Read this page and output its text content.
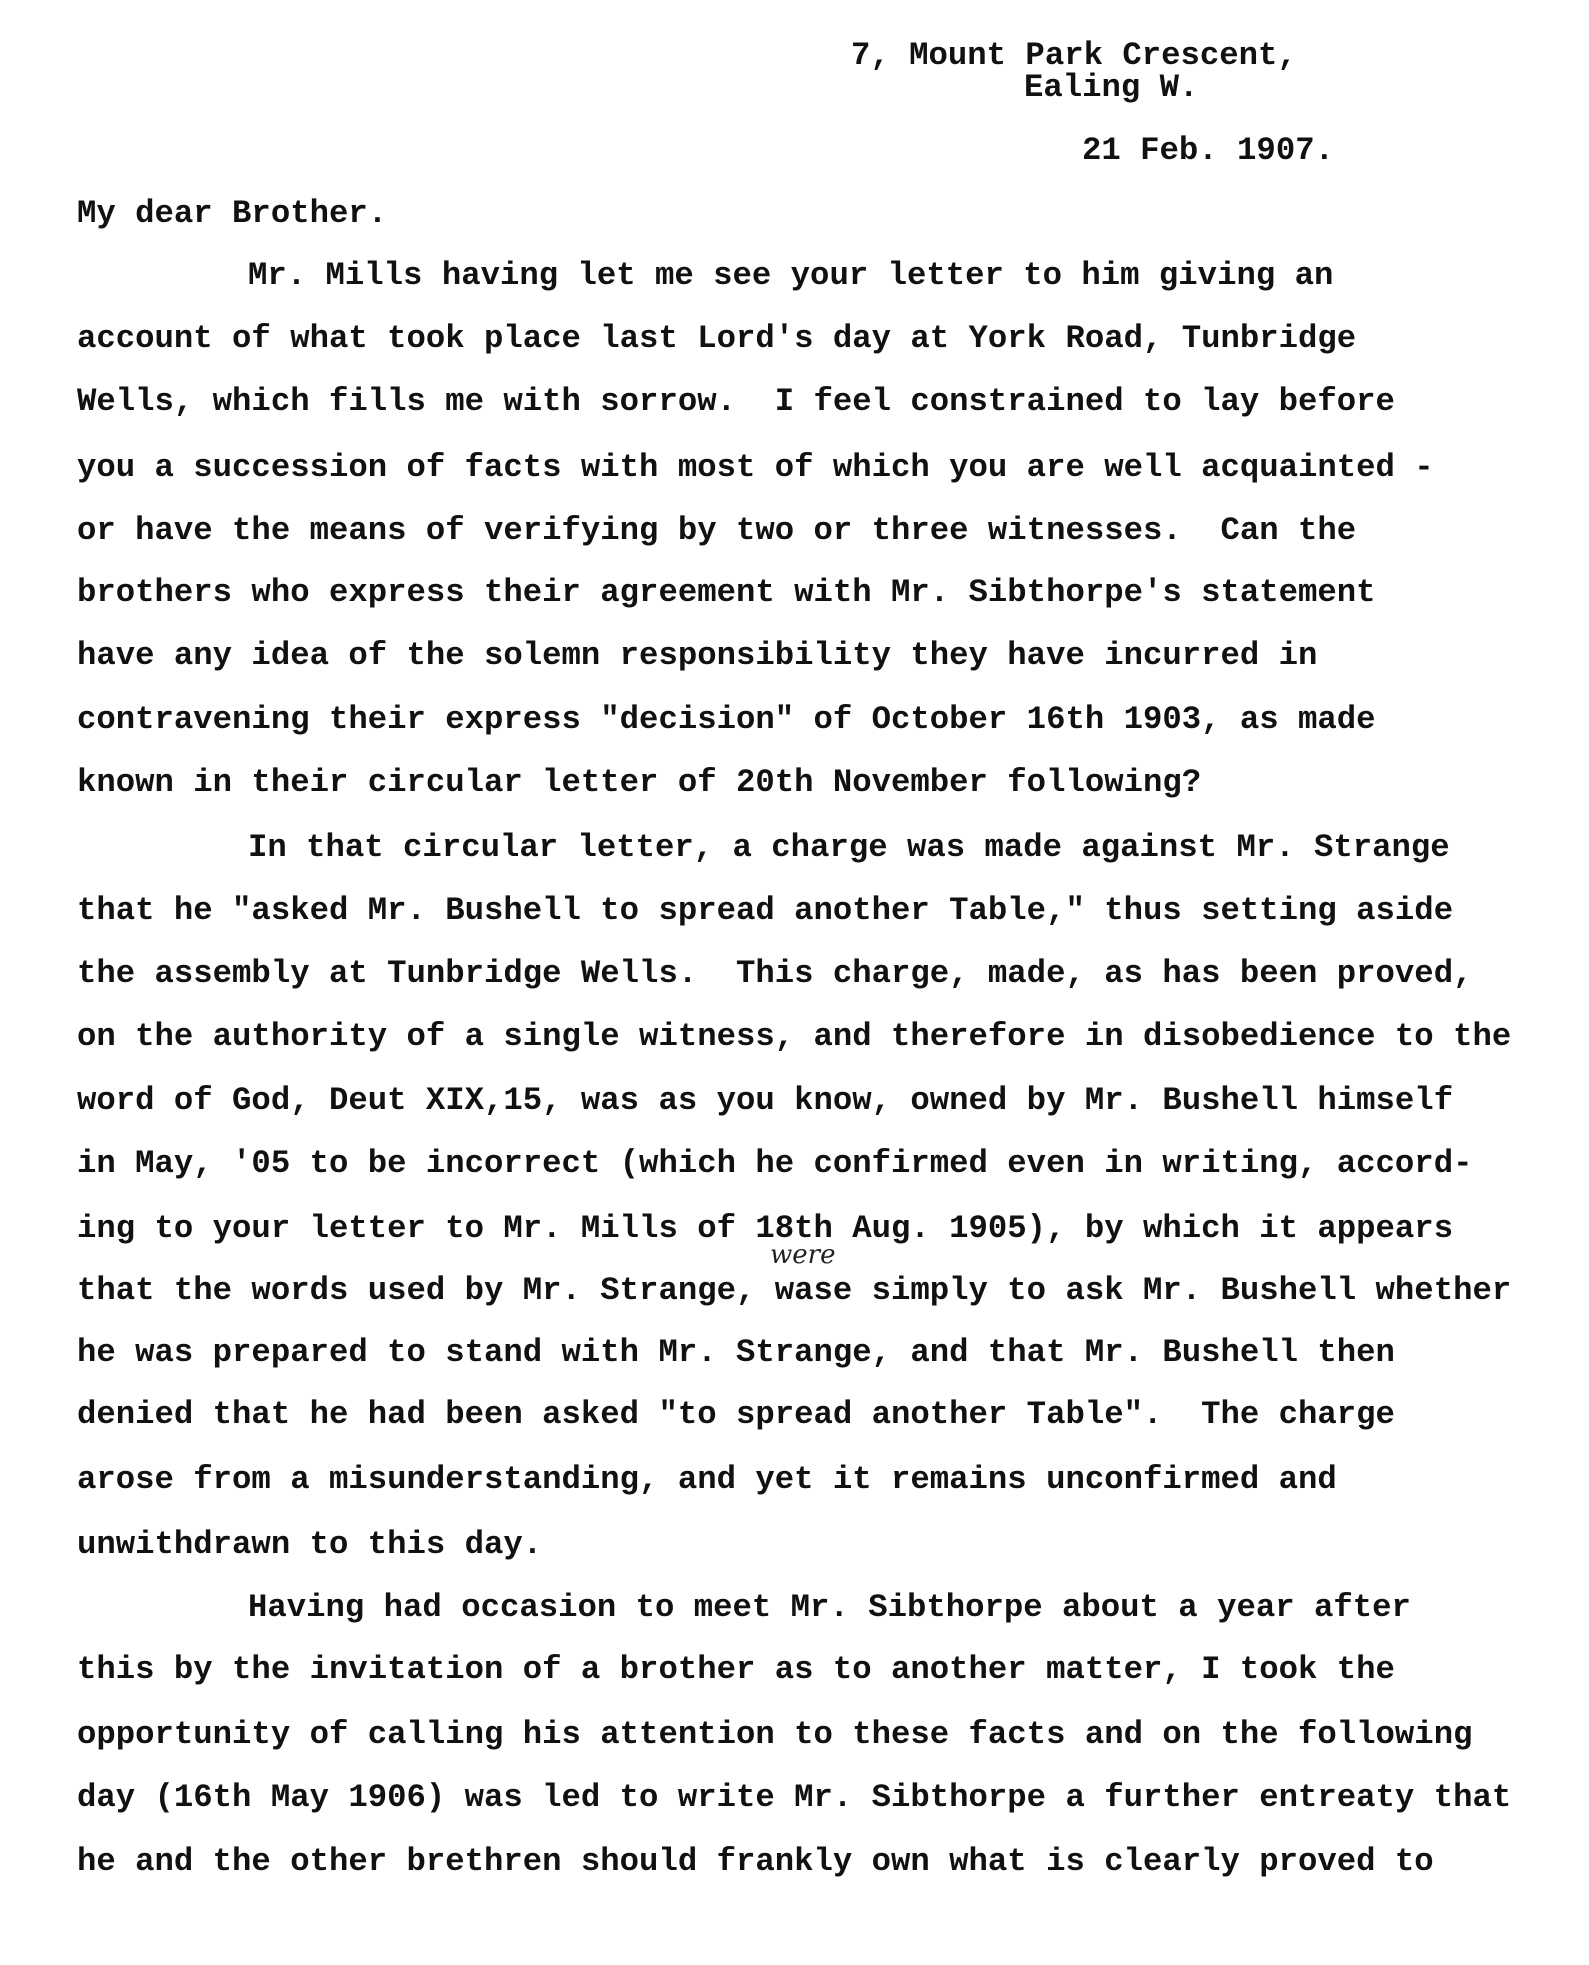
7, Mount Park Crescent,
Ealing W.
21 Feb. 1907.
My dear Brother.
Mr. Mills having let me see your letter to him giving an
account of what took place last Lord's day at York Road, Tunbridge
Wells, which fills me with sorrow.  I feel constrained to lay before
you a succession of facts with most of which you are well acquainted -
or have the means of verifying by two or three witnesses.  Can the
brothers who express their agreement with Mr. Sibthorpe's statement
have any idea of the solemn responsibility they have incurred in
contravening their express "decision" of October 16th 1903, as made
known in their circular letter of 20th November following?
In that circular letter, a charge was made against Mr. Strange
that he "asked Mr. Bushell to spread another Table," thus setting aside
the assembly at Tunbridge Wells.  This charge, made, as has been proved,
on the authority of a single witness, and therefore in disobedience to the
word of God, Deut XIX,15, was as you know, owned by Mr. Bushell himself
in May, '05 to be incorrect (which he confirmed even in writing, accord-
ing to your letter to Mr. Mills of 18th Aug. 1905), by which it appears
were
that the words used by Mr. Strange, wase simply to ask Mr. Bushell whether
he was prepared to stand with Mr. Strange, and that Mr. Bushell then
denied that he had been asked "to spread another Table".  The charge
arose from a misunderstanding, and yet it remains unconfirmed and
unwithdrawn to this day.
Having had occasion to meet Mr. Sibthorpe about a year after
this by the invitation of a brother as to another matter, I took the
opportunity of calling his attention to these facts and on the following
day (16th May 1906) was led to write Mr. Sibthorpe a further entreaty that
he and the other brethren should frankly own what is clearly proved to
